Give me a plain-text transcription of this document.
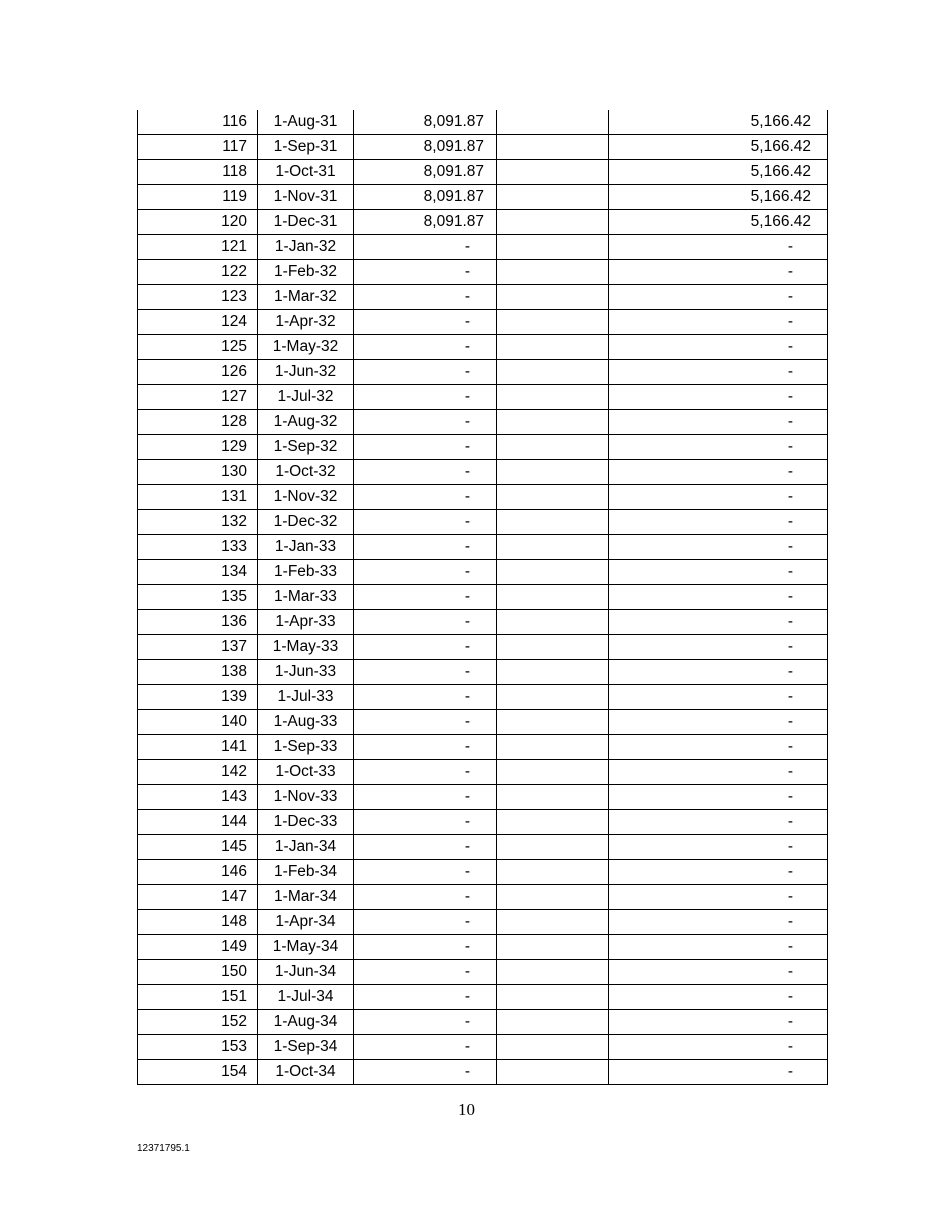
116	1-Aug-31	8,091.87		5,166.42
117	1-Sep-31	8,091.87		5,166.42
118	1-Oct-31	8,091.87		5,166.42
119	1-Nov-31	8,091.87		5,166.42
120	1-Dec-31	8,091.87		5,166.42
121	1-Jan-32	-		-
122	1-Feb-32	-		-
123	1-Mar-32	-		-
124	1-Apr-32	-		-
125	1-May-32	-		-
126	1-Jun-32	-		-
127	1-Jul-32	-		-
128	1-Aug-32	-		-
129	1-Sep-32	-		-
130	1-Oct-32	-		-
131	1-Nov-32	-		-
132	1-Dec-32	-		-
133	1-Jan-33	-		-
134	1-Feb-33	-		-
135	1-Mar-33	-		-
136	1-Apr-33	-		-
137	1-May-33	-		-
138	1-Jun-33	-		-
139	1-Jul-33	-		-
140	1-Aug-33	-		-
141	1-Sep-33	-		-
142	1-Oct-33	-		-
143	1-Nov-33	-		-
144	1-Dec-33	-		-
145	1-Jan-34	-		-
146	1-Feb-34	-		-
147	1-Mar-34	-		-
148	1-Apr-34	-		-
149	1-May-34	-		-
150	1-Jun-34	-		-
151	1-Jul-34	-		-
152	1-Aug-34	-		-
153	1-Sep-34	-		-
154	1-Oct-34	-		-
10
12371795.1
